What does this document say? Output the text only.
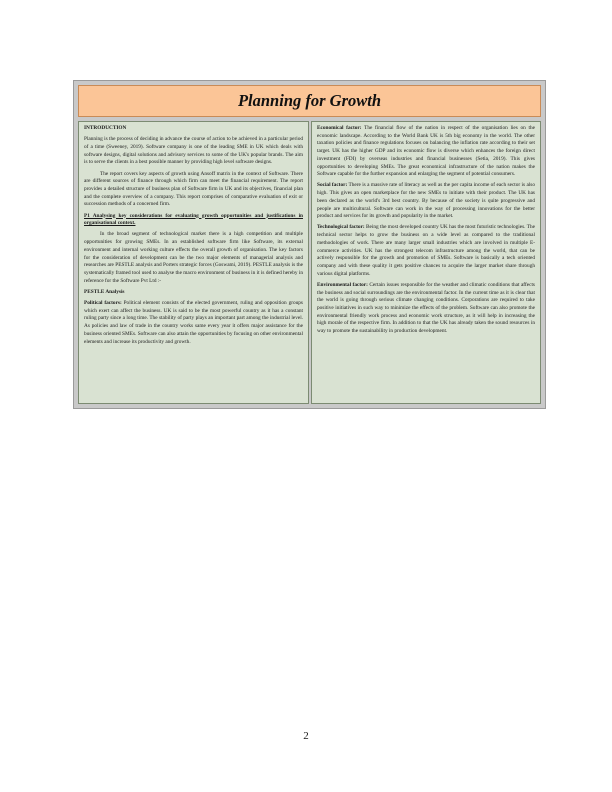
Planning for Growth

INTRODUCTION

Planning is the process of deciding in advance the course of action to be achieved in a particular period of a time (Sweeney, 2019). Software company is one of the leading SME in UK which deals with software designs, digital solutions and advisory services to some of the UK's popular brands. The aim is to serve the clients in a best possible manner by providing high level software designs.

The report covers key aspects of growth using Ansoff matrix in the context of Software. There are different sources of finance through which firm can meet the financial requirement. The report provides a detailed structure of business plan of Software firm in UK and its objectives, financial plan and the complete overview of a company. This report comprises of comparative evaluation of exit or succession methods of a concerned firm.

P1 Analysing key considerations for evaluating growth opportunities and justifications in organisational context.

In the broad segment of technological market there is a high competition and multiple opportunities for growing SMEs. In an established software firm like Software, its external environment and internal working culture effects the overall growth of organisation. The key factors for the consideration of development can be the two major elements of managerial analysis and researches are PESTLE analysis and Porters strategic forces (Goswami, 2019). PESTLE analysis is the systematically framed tool used to analyse the macro environment of business in it is defined hereby in reference for the Software Pvt Ltd :-

PESTLE Analysis

Political factors: Political element consists of the elected government, ruling and opposition groups which exert can affect the business. UK is said to be the most powerful country as it has a constant ruling party since a long time. The stability of party plays an important part among the industrial level. As policies and law of trade in the country works same every year it offers major assistance for the business oriented SMEs. Software can also attain the opportunities by focusing on other environmental elements and increase its productivity and growth.

Economical factor: The financial flow of the nation in respect of the organisation lies on the economic landscape. According to the World Bank UK is 5th big economy in the world. The other taxation policies and finance regulations focuses on balancing the inflation rate according to their set target. UK has the higher GDP and its economic flow is diverse which enhances the foreign direct investment (FDI) by overseas industries and financial businesses (Setia, 2019). This gives opportunities to developing SMEs. The great economical infrastructure of the nation makes the Software capable for the further expansion and enlarging the segment of potential consumers.

Social factor: There is a massive rate of literacy as well as the per capita income of each sector is also high. This gives an open marketplace for the new SMEs to initiate with their product. The UK has been declared as the world's 3rd best country. By because of the society is quite progressive and people are multicultural. Software can work in the way of processing innovations for the better product and services for its growth and popularity in the market.

Technological factor: Being the most developed country UK has the most futuristic technologies. The technical sector helps to grow the business on a wide level as compared to the traditional methodologies of work. There are many larger small industries which are involved in multiple E-commerce activities. UK has the strongest telecom infrastructure among the world, that can be actively responsible for the growth and promotion of SMEs. Software is basically a tech oriented company and with these quality it gets positive chances to acquire the larger market share through various digital platforms.

Environmental factor: Certain issues responsible for the weather and climatic conditions that affects the business and social surroundings are the environmental factor. In the current time as it is clear that the world is going through serious climate changing conditions. Corporations are required to take positive initiatives in such way to minimize the effects of the problem. Software can also promote the environmental friendly work process and economic work structure, as it will help in increasing the high morale of the respective firm. In addition to that the UK has already taken the sound resources in way to promote the sustainability in production development.

2
